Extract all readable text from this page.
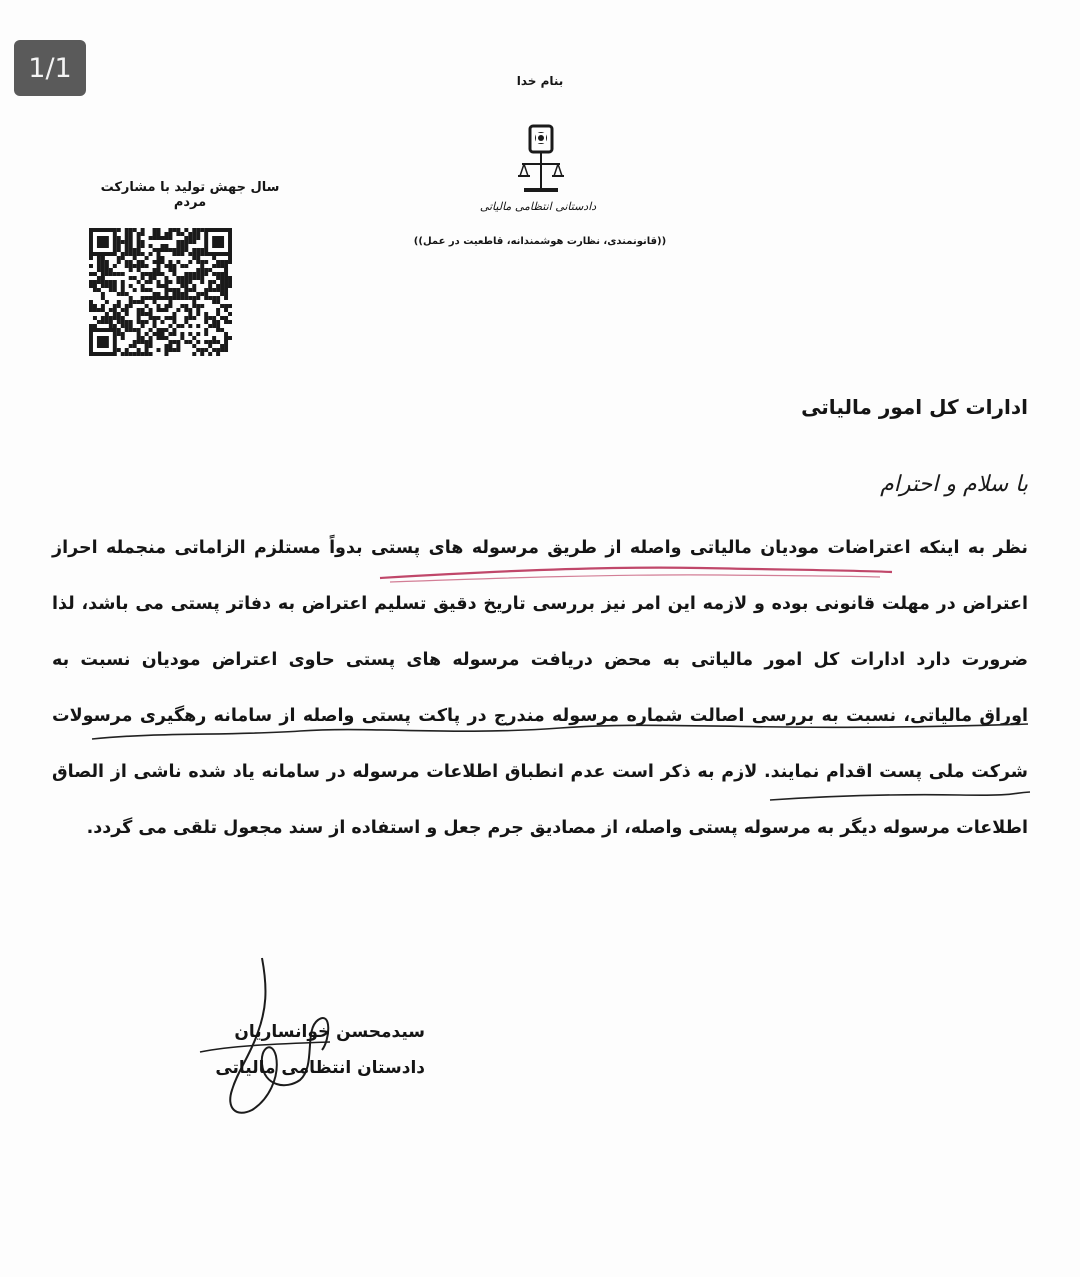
1/1
سال جهش تولید با مشارکت مردم
بنام خدا
دادستانی انتظامی مالیاتی
((قانونمندی، نظارت هوشمندانه، قاطعیت در عمل))
ادارات کل امور مالیاتی
با سلام و احترام
نظر به اینکه اعتراضات مودیان مالیاتی واصله از طریق مرسوله های پستی بدواً مستلزم الزاماتی منجمله احراز
اعتراض در مهلت قانونی بوده و لازمه این امر نیز بررسی تاریخ دقیق تسلیم اعتراض به دفاتر پستی می باشد، لذا
ضرورت دارد ادارات کل امور مالیاتی به محض دریافت مرسوله های پستی حاوی اعتراض مودیان نسبت به
اوراق مالیاتی، نسبت به بررسی اصالت شماره مرسوله مندرج در پاکت پستی واصله از سامانه رهگیری مرسولات
شرکت ملی پست اقدام نمایند. لازم به ذکر است عدم انطباق اطلاعات مرسوله در سامانه یاد شده ناشی از الصاق
اطلاعات مرسوله دیگر به مرسوله پستی واصله، از مصادیق جرم جعل و استفاده از سند مجعول تلقی می گردد.
سیدمحسن خوانساریان
دادستان انتظامی مالیاتی
